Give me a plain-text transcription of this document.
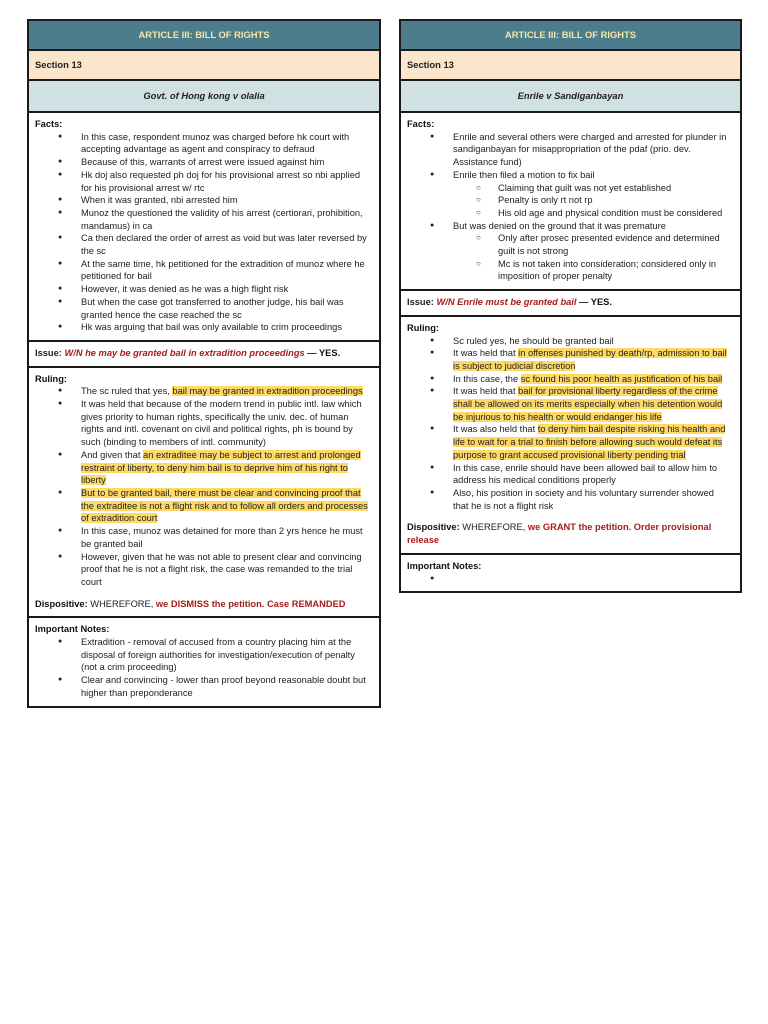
ARTICLE III: BILL OF RIGHTS
Section 13
Govt. of Hong kong v olalia
Facts:
● In this case, respondent munoz was charged before hk court with accepting advantage as agent and conspiracy to defraud
● Because of this, warrants of arrest were issued against him
● Hk doj also requested ph doj for his provisional arrest so nbi applied for his provisional arrest w/ rtc
● When it was granted, nbi arrested him
● Munoz the questioned the validity of his arrest (certiorari, prohibition, mandamus) in ca
● Ca then declared the order of arrest as void but was later reversed by the sc
● At the same time, hk petitioned for the extradition of munoz where he petitioned for bail
● However, it was denied as he was a high flight risk
● But when the case got transferred to another judge, his bail was granted hence the case reached the sc
● Hk was arguing that bail was only available to crim proceedings
Issue: W/N he may be granted bail in extradition proceedings — YES.
Ruling:
● The sc ruled that yes, bail may be granted in extradition proceedings
● It was held that because of the modern trend in public intl. law which gives priority to human rights, specifically the univ. dec. of human rights and intl. covenant on civil and political rights, ph is bound by such (binding to members of intl. community)
● And given that an extraditee may be subject to arrest and prolonged restraint of liberty, to deny him bail is to deprive him of his right to liberty
● But to be granted bail, there must be clear and convincing proof that the extraditee is not a flight risk and to follow all orders and processes of extradition court
● In this case, munoz was detained for more than 2 yrs hence he must be granted bail
● However, given that he was not able to present clear and convincing proof that he is not a flight risk, the case was remanded to the trial court
Dispositive: WHEREFORE, we DISMISS the petition. Case REMANDED
Important Notes:
● Extradition - removal of accused from a country placing him at the disposal of foreign authorities for investigation/execution of penalty (not a crim proceeding)
● Clear and convincing - lower than proof beyond reasonable doubt but higher than preponderance
ARTICLE III: BILL OF RIGHTS
Section 13
Enrile v Sandiganbayan
Facts:
● Enrile and several others were charged and arrested for plunder in sandiganbayan for misappropriation of the pdaf (prio. dev. Assistance fund)
● Enrile then filed a motion to fix bail
○ Claiming that guilt was not yet established
○ Penalty is only rt not rp
○ His old age and physical condition must be considered
● But was denied on the ground that it was premature
○ Only after prosec presented evidence and determined guilt is not strong
○ Mc is not taken into consideration; considered only in imposition of proper penalty
Issue: W/N Enrile must be granted bail — YES.
Ruling:
● Sc ruled yes, he should be granted bail
● It was held that in offenses punished by death/rp, admission to bail is subject to judicial discretion
● In this case, the sc found his poor health as justification of his bail
● It was held that bail for provisional liberty regardless of the crime shall be allowed on its merits especially when his detention would be injurious to his health or would endanger his life
● It was also held that to deny him bail despite risking his health and life to wait for a trial to finish before allowing such would defeat its purpose to grant accused provisional liberty pending trial
● In this case, enrile should have been allowed bail to allow him to address his medical conditions properly
● Also, his position in society and his voluntary surrender showed that he is not a flight risk
Dispositive: WHEREFORE, we GRANT the petition. Order provisional release
Important Notes:
●
